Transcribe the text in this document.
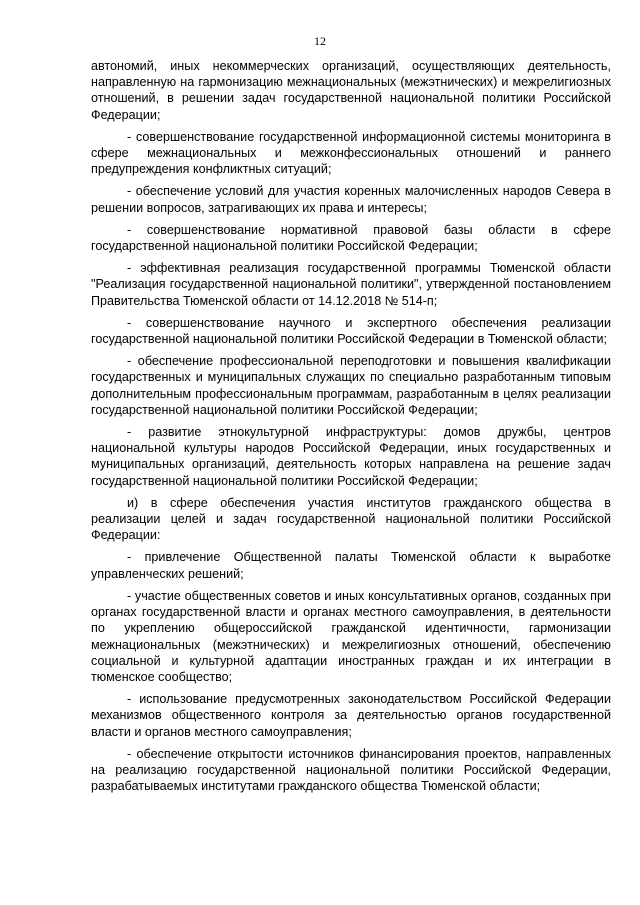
12

автономий, иных некоммерческих организаций, осуществляющих деятельность, направленную на гармонизацию межнациональных (межэтнических) и межрелигиозных отношений, в решении задач государственной национальной политики Российской Федерации;

- совершенствование государственной информационной системы мониторинга в сфере межнациональных и межконфессиональных отношений и раннего предупреждения конфликтных ситуаций;

- обеспечение условий для участия коренных малочисленных народов Севера в решении вопросов, затрагивающих их права и интересы;

- совершенствование нормативной правовой базы области в сфере государственной национальной политики Российской Федерации;

- эффективная реализация государственной программы Тюменской области "Реализация государственной национальной политики", утвержденной постановлением Правительства Тюменской области от 14.12.2018 № 514-п;

- совершенствование научного и экспертного обеспечения реализации государственной национальной политики Российской Федерации в Тюменской области;

- обеспечение профессиональной переподготовки и повышения квалификации государственных и муниципальных служащих по специально разработанным типовым дополнительным профессиональным программам, разработанным в целях реализации государственной национальной политики Российской Федерации;

- развитие этнокультурной инфраструктуры: домов дружбы, центров национальной культуры народов Российской Федерации, иных государственных и муниципальных организаций, деятельность которых направлена на решение задач государственной национальной политики Российской Федерации;

и) в сфере обеспечения участия институтов гражданского общества в реализации целей и задач государственной национальной политики Российской Федерации:

- привлечение Общественной палаты Тюменской области к выработке управленческих решений;

- участие общественных советов и иных консультативных органов, созданных при органах государственной власти и органах местного самоуправления, в деятельности по укреплению общероссийской гражданской идентичности, гармонизации межнациональных (межэтнических) и межрелигиозных отношений, обеспечению социальной и культурной адаптации иностранных граждан и их интеграции в тюменское сообщество;

- использование предусмотренных законодательством Российской Федерации механизмов общественного контроля за деятельностью органов государственной власти и органов местного самоуправления;

- обеспечение открытости источников финансирования проектов, направленных на реализацию государственной национальной политики Российской Федерации, разрабатываемых институтами гражданского общества Тюменской области;
